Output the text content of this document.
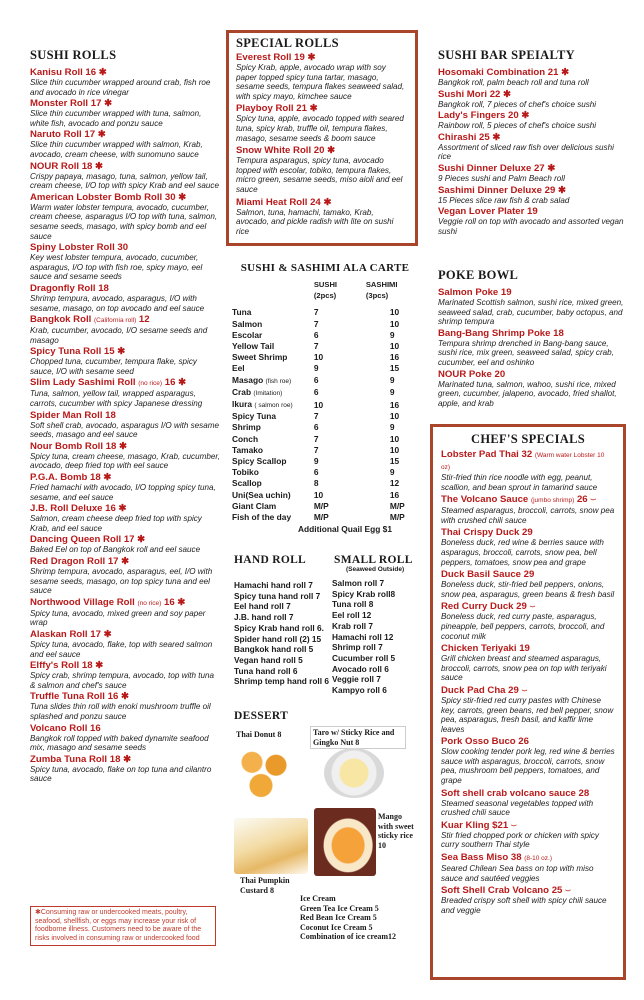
SUSHI ROLLS
Kanisu Roll 16 ✱
Slice thin cucumber wrapped around crab, fish roe and avocado in rice vinegar
Monster Roll 17 ✱
Slice thin cucumber wrapped with tuna, salmon, white fish, avocado and ponzu sauce
Naruto Roll 17 ✱
Slice thin cucumber wrapped with salmon, Krab, avocado, cream cheese, with sunomuno sauce
NOUR Roll 18 ✱
Crispy papaya, masago, tuna, salmon, yellow tail, cream cheese, I/O top with spicy Krab and eel sauce
American Lobster Bomb Roll 30 ✱
Warm water lobster tempura, avocado, cucumber, cream cheese, asparagus I/O top with tuna, salmon, sesame seeds, masago, with spicy bomb and eel sauce
Spiny Lobster Roll 30
Key west lobster tempura, avocado, cucumber, asparagus, I/O top with fish roe, spicy mayo, eel sauce and sesame seeds
Dragonfly Roll 18
Shrimp tempura, avocado, asparagus, I/O with sesame, masago, on top avocado and eel sauce
Bangkok Roll (California roll) 12
Krab, cucumber, avocado, I/O sesame seeds and masago
Spicy Tuna Roll 15 ✱
Chopped tuna, cucumber, tempura flake, spicy sauce, I/O with sesame seed
Slim Lady Sashimi Roll (no rice) 16 ✱
Tuna, salmon, yellow tail, wrapped asparagus, carrots, cucumber with spicy Japanese dressing
Spider Man Roll 18
Soft shell crab, avocado, asparagus I/O with sesame seeds, masago and eel sauce
Nour Bomb Roll 18 ✱
Spicy tuna, cream cheese, masago, Krab, cucumber, avocado, deep fried top with eel sauce
P.G.A. Bomb 18 ✱
Fried hamachi with avocado, I/O topping spicy tuna, sesame, and eel sauce
J.B. Roll Deluxe 16 ✱
Salmon, cream cheese deep fried top with spicy Krab, and eel sauce
Dancing Queen Roll 17 ✱
Baked Eel on top of Bangkok roll and eel sauce
Red Dragon Roll 17 ✱
Shrimp tempura, avocado, asparagus, eel, I/O with sesame seeds, masago, on top spicy tuna and eel sauce
Northwood Village Roll (no rice) 16 ✱
Spicy tuna, avocado, mixed green and soy paper wrap
Alaskan Roll 17 ✱
Spicy tuna, avocado, flake, top with seared salmon and eel sauce
Elffy's Roll 18 ✱
Spicy crab, shrimp tempura, avocado, top with tuna & salmon and chef's sauce
Truffle Tuna Roll 16 ✱
Tuna slides thin roll with enoki mushroom truffle oil splashed and ponzu sauce
Volcano Roll 16
Bangkok roll topped with baked dynamite seafood mix, masago and sesame seeds
Zumba Tuna Roll 18 ✱
Spicy tuna, avocado, flake on top tuna and cilantro sauce
✱Consuming raw or undercooked meats, poultry, seafood, shellfish, or eggs may increase your risk of foodborne illness. Customers need to be aware of the risks involved in consuming raw or undercooked food
SPECIAL ROLLS
Everest Roll 19 ✱
Spicy Krab, apple, avocado wrap with soy paper topped spicy tuna tartar, masago, sesame seeds, tempura flakes seaweed salad, with spicy mayo, kimchee sauce
Playboy Roll 21 ✱
Spicy tuna, apple, avocado topped with seared tuna, spicy krab, truffle oil, tempura flakes, masago, sesame seeds & boom sauce
Snow White Roll 20 ✱
Tempura asparagus, spicy tuna, avocado topped with escolar, tobiko, tempura flakes, micro green, sesame seeds, miso aioli and eel sauce
Miami Heat Roll 24 ✱
Salmon, tuna, hamachi, tamako, Krab, avocado, and pickle radish with lite on sushi rice
SUSHI & SASHIMI ALA CARTE
	SUSHI (2pcs)	SASHIMI (3pcs)
Tuna	7	10
Salmon	7	10
Escolar	6	9
Yellow Tail	7	10
Sweet Shrimp	10	16
Eel	9	15
Masago (fish roe)	6	9
Crab (Imitation)	6	9
Ikura ( salmon roe)	10	16
Spicy Tuna	7	10
Shrimp	6	9
Conch	7	10
Tamako	7	10
Spicy Scallop	9	15
Tobiko	6	9
Scallop	8	12
Uni(Sea uchin)	10	16
Giant Clam	M/P	M/P
Fish of the day	M/P	M/P
Additional Quail Egg $1
HAND ROLL
Hamachi hand roll 7
Spicy tuna hand roll 7
Eel hand roll 7
J.B. hand roll 7
Spicy Krab hand roll 6.
Spider hand roll (2) 15
Bangkok hand roll 5
Vegan hand roll 5
Tuna hand roll 6
Shrimp temp hand roll 6
SMALL ROLL
(Seaweed Outside)
Salmon roll 7
Spicy Krab roll8
Tuna roll 8
Eel roll 12
Krab roll 7
Hamachi roll 12
Shrimp roll 7
Cucumber roll 5
Avocado roll 6
Veggie roll 7
Kampyo roll 6
DESSERT
Thai Donut 8	Taro w/ Sticky Rice and Gingko Nut 8
Thai Pumpkin Custard 8
Mango with sweet sticky rice 10
Ice Cream
Green Tea Ice Cream 5
Red Bean Ice Cream 5
Coconut Ice Cream 5
Combination of ice cream12
SUSHI BAR SPEIALTY
Hosomaki Combination 21 ✱
Bangkok roll, palm beach roll and tuna roll
Sushi Mori 22 ✱
Bangkok roll, 7 pieces of chef's choice sushi
Lady's Fingers 20 ✱
Rainbow roll, 5 pieces of chef's choice sushi
Chirashi 25 ✱
Assortment of sliced raw fish over delicious sushi rice
Sushi Dinner Deluxe 27 ✱
9 Pieces sushi and Palm Beach roll
Sashimi Dinner Deluxe 29 ✱
15 Pieces slice raw fish & crab salad
Vegan Lover Plater 19
Veggie roll on top with avocado and assorted vegan sushi
POKE BOWL
Salmon Poke 19
Marinated Scottish salmon, sushi rice, mixed green, seaweed salad, crab, cucumber, baby octopus, and shrimp tempura
Bang-Bang Shrimp Poke 18
Tempura shrimp drenched in Bang-bang sauce, sushi rice, mix green, seaweed salad, spicy crab, cucumber, eel and oshinko
NOUR Poke 20
Marinated tuna, salmon, wahoo, sushi rice, mixed green, cucumber, jalapeno, avocado, fried shallot, apple, and krab
CHEF'S SPECIALS
Lobster Pad Thai 32 (Warm water Lobster 10 oz)
Stir-fried thin rice noodle with egg, peanut, scallion, and bean sprout in tamarind sauce
The Volcano Sauce (jumbo shrimp) 26 ⌣
Steamed asparagus, broccoli, carrots, snow pea with crushed chili sauce
Thai Crispy Duck 29
Boneless duck, red wine & berries sauce with asparagus, broccoli, carrots, snow pea, bell peppers, tomatoes, snow pea and grape
Duck Basil Sauce 29
Boneless duck, stir-fried bell peppers, onions, snow pea, asparagus, green beans & fresh basil
Red Curry Duck 29 ⌣
Boneless duck, red curry paste, asparagus, pineapple, bell peppers, carrots, broccoli, and coconut milk
Chicken Teriyaki 19
Grill chicken breast and steamed asparagus, broccoli, carrots, snow pea on top with teriyaki sauce
Duck Pad Cha 29 ⌣
Spicy stir-fried red curry pastes with Chinese key, carrots, green beans, red bell pepper, snow pea, asparagus, fresh basil, and kaffir lime leaves
Pork Osso Buco 26
Slow cooking tender pork leg, red wine & berries sauce with asparagus, broccoli, carrots, snow pea, mushroom bell peppers, tomatoes, and grape
Soft shell crab volcano sauce 28
Steamed seasonal vegetables topped with crushed chili sauce
Kuar Kling $21 ⌣
Stir fried chopped pork or chicken with spicy curry southern Thai style
Sea Bass Miso 38 (8-10 oz.)
Seared Chilean Sea bass on top with miso sauce and sautéed veggies
Soft Shell Crab Volcano 25 ⌣
Breaded crispy soft shell with spicy chili sauce and veggie
